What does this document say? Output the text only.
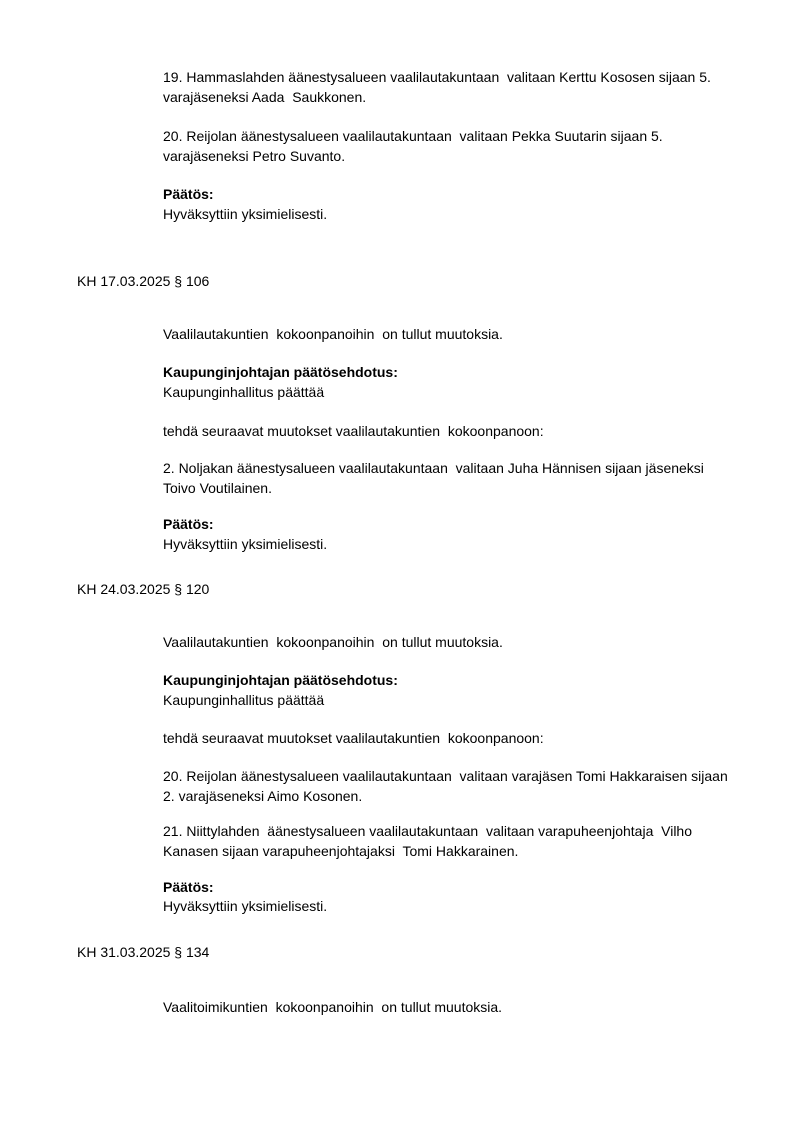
19. Hammaslahden äänestysalueen vaalilautakuntaan  valitaan Kerttu Kososen sijaan 5. varajäseneksi Aada  Saukkonen.
20. Reijolan äänestysalueen vaalilautakuntaan  valitaan Pekka Suutarin sijaan 5. varajäseneksi Petro Suvanto.
Päätös:
Hyväksyttiin yksimielisesti.
KH 17.03.2025 § 106
Vaalilautakuntien  kokoonpanoihin  on tullut muutoksia.
Kaupunginjohtajan päätösehdotus:
Kaupunginhallitus päättää
tehdä seuraavat muutokset vaalilautakuntien  kokoonpanoon:
2. Noljakan äänestysalueen vaalilautakuntaan  valitaan Juha Hännisen sijaan jäseneksi Toivo Voutilainen.
Päätös:
Hyväksyttiin yksimielisesti.
KH 24.03.2025 § 120
Vaalilautakuntien  kokoonpanoihin  on tullut muutoksia.
Kaupunginjohtajan päätösehdotus:
Kaupunginhallitus päättää
tehdä seuraavat muutokset vaalilautakuntien  kokoonpanoon:
20. Reijolan äänestysalueen vaalilautakuntaan  valitaan varajäsen Tomi Hakkaraisen sijaan 2. varajäseneksi Aimo Kosonen.
21. Niittylahden  äänestysalueen vaalilautakuntaan  valitaan varapuheenjohtaja  Vilho Kanasen sijaan varapuheenjohtajaksi  Tomi Hakkarainen.
Päätös:
Hyväksyttiin yksimielisesti.
KH 31.03.2025 § 134
Vaalitoimikuntien  kokoonpanoihin  on tullut muutoksia.
